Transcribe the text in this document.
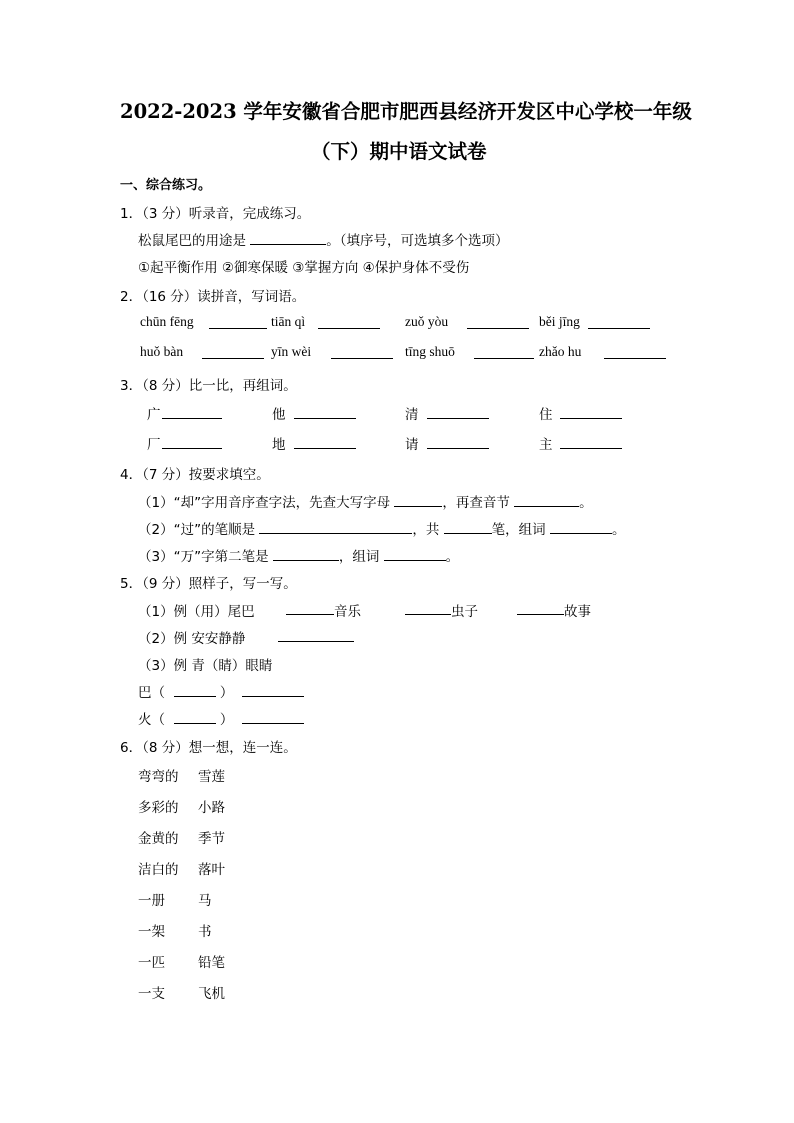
2022-2023 学年安徽省合肥市肥西县经济开发区中心学校一年级
（下）期中语文试卷
一、综合练习。
1．（3 分）听录音，完成练习。
松鼠尾巴的用途是	。（填序号，可选填多个选项）
①起平衡作用 ②御寒保暖 ③掌握方向 ④保护身体不受伤
2．（16 分）读拼音，写词语。
chūn fēng	tiān qì	zuǒ yòu	běi jīng
huǒ bàn	yīn wèi	tīng shuō	zhǎo hu
3．（8 分）比一比，再组词。
广	他	清	住
厂	地	请	主
4．（7 分）按要求填空。
（1）“却”字用音序查字法，先查大写字母	，再查音节	。
（2）“过”的笔顺是	，共	笔，组词	。
（3）“万”字第二笔是	，组词	。
5．（9 分）照样子，写一写。
（1）例（用）尾巴	音乐	虫子	故事
（2）例 安安静静
（3）例 青（睛）眼睛
巴（	）
火（	）
6．（8 分）想一想，连一连。
弯弯的 雪莲
多彩的 小路
金黄的 季节
洁白的 落叶
一册 马
一架 书
一匹 铅笔
一支 飞机
